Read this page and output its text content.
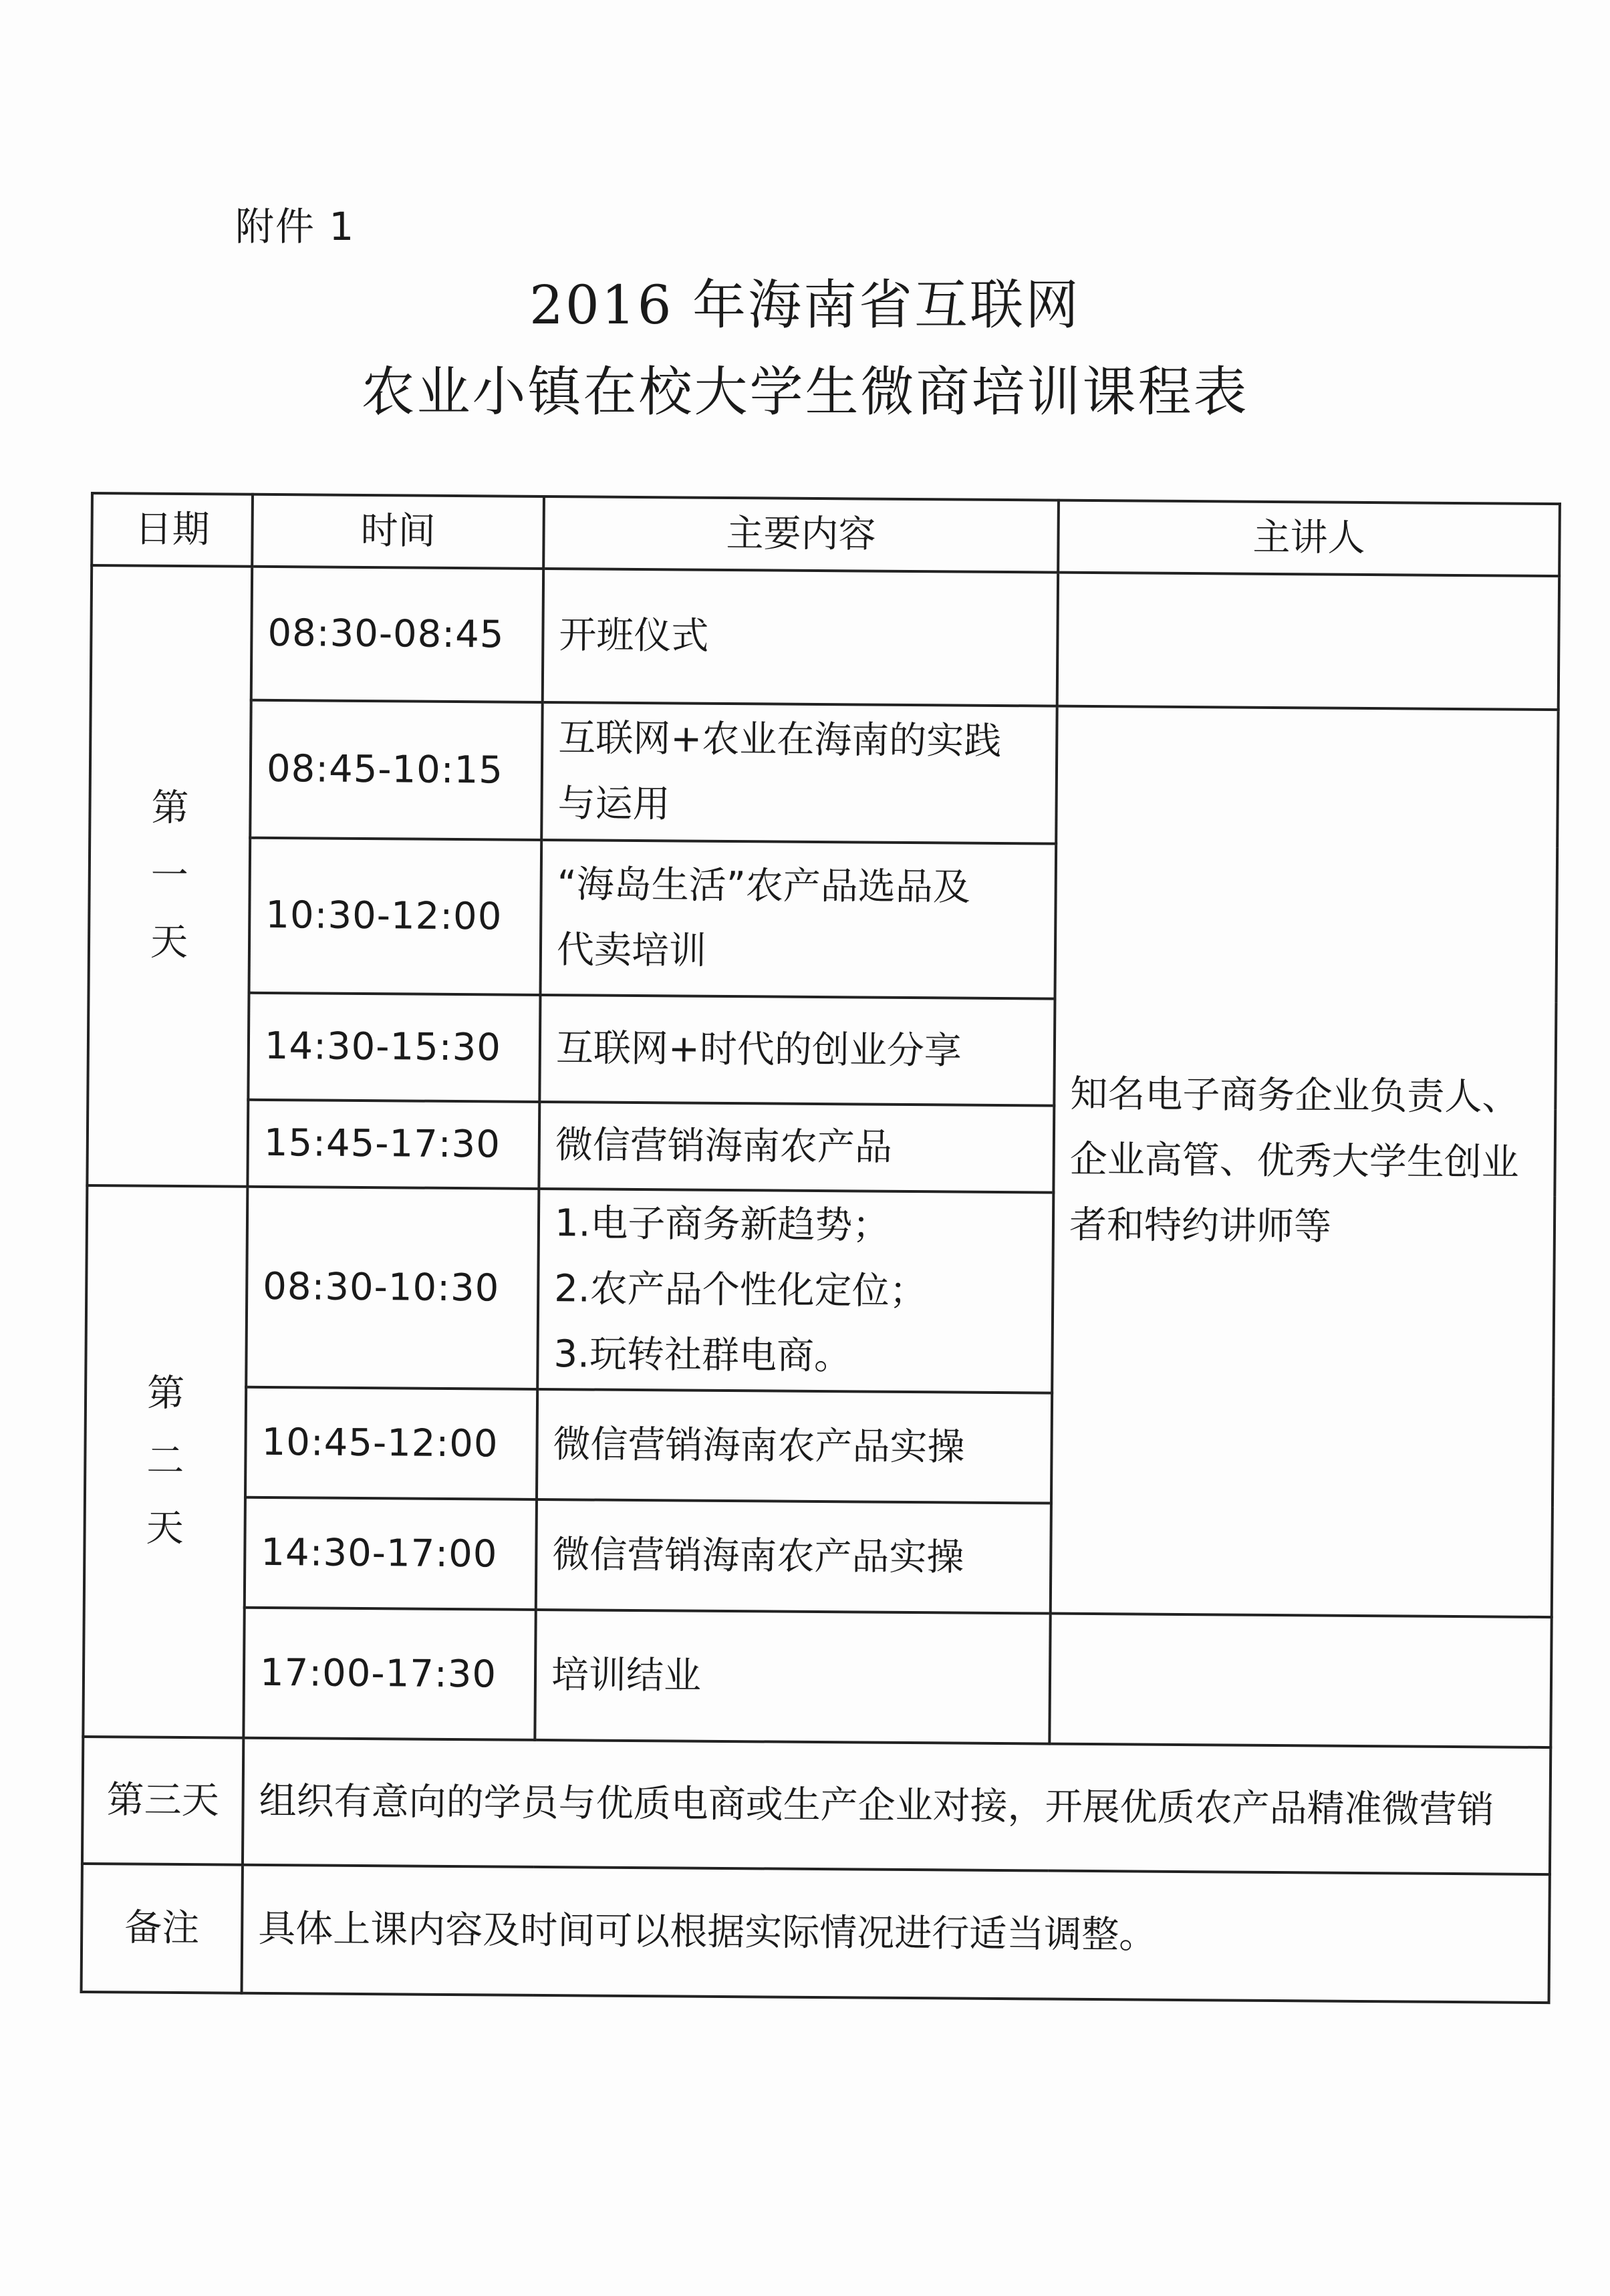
附件 1
2016 年海南省互联网
农业小镇在校大学生微商培训课程表
日期	时间	主要内容	主讲人

第
一
天	08:30-08:45	开班仪式	

	08:45-10:15	互联网+农业在海南的实践
与运用	知名电子商务企业负责人、
企业高管、优秀大学生创业
者和特约讲师等

	10:30-12:00	“海岛生活”农产品选品及
代卖培训	

	14:30-15:30	互联网+时代的创业分享	

	15:45-17:30	微信营销海南农产品	

第
二
天	08:30-10:30	1.电子商务新趋势；
2.农产品个性化定位；
3.玩转社群电商。	

	10:45-12:00	微信营销海南农产品实操	

	14:30-17:00	微信营销海南农产品实操	

	17:00-17:30	培训结业	

第三天	组织有意向的学员与优质电商或生产企业对接，开展优质农产品精准微营销		
备注	具体上课内容及时间可以根据实际情况进行适当调整。		
